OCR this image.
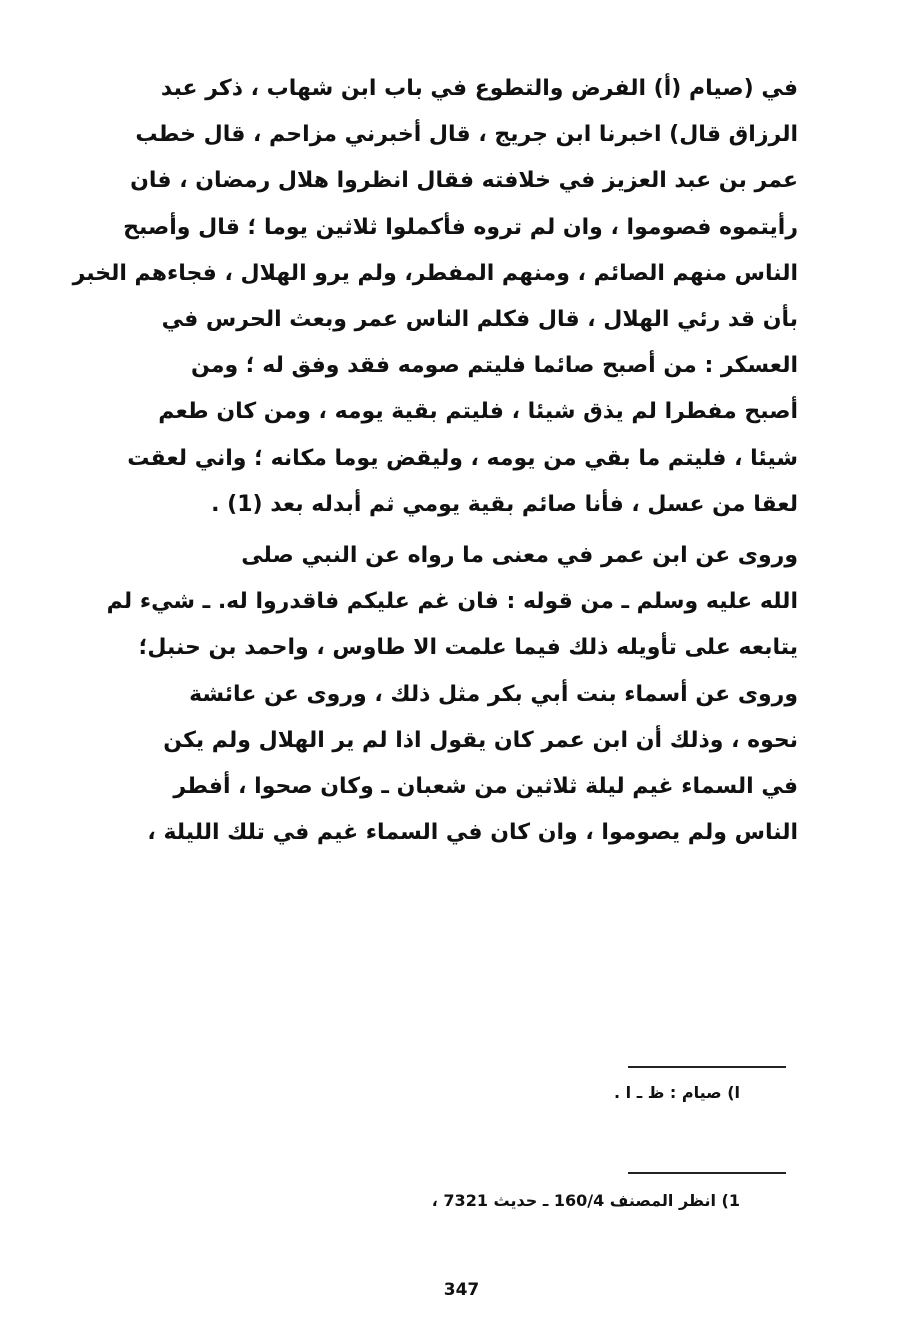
في (صيام (أ) الفرض والتطوع في باب ابن شهاب ، ذكر عبد
الرزاق قال) اخبرنا ابن جريج ، قال أخبرني مزاحم ، قال خطب
عمر بن عبد العزيز في خلافته فقال انظروا هلال رمضان ، فان
رأيتموه فصوموا ، وان لم تروه فأكملوا ثلاثين يوما ؛ قال وأصبح
الناس منهم الصائم ، ومنهم المفطر، ولم يرو الهلال ، فجاءهم الخبر
بأن قد رئي الهلال ، قال فكلم الناس عمر وبعث الحرس في
العسكر : من أصبح صائما فليتم صومه فقد وفق له ؛ ومن
أصبح مفطرا لم يذق شيئا ، فليتم بقية يومه ، ومن كان طعم
شيئا ، فليتم ما بقي من يومه ، وليقض يوما مكانه ؛ واني لعقت
لعقا من عسل ، فأنا صائم بقية يومي ثم أبدله بعد (1) .
وروى عن ابن عمر في معنى ما رواه عن النبي صلى
الله عليه وسلم ـ من قوله : فان غم عليكم فاقدروا له. ـ شيء لم
يتابعه على تأويله ذلك فيما علمت الا طاوس ، واحمد بن حنبل؛
وروى عن أسماء بنت أبي بكر مثل ذلك ، وروى عن عائشة
نحوه ، وذلك أن ابن عمر كان يقول اذا لم ير الهلال ولم يكن
في السماء غيم ليلة ثلاثين من شعبان ـ وكان صحوا ، أفطر
الناس ولم يصوموا ، وان كان في السماء غيم في تلك الليلة ،
ا) صيام : ظ ـ ا .
1) انظر المصنف 160/4 ـ حديث 7321 ،
347
